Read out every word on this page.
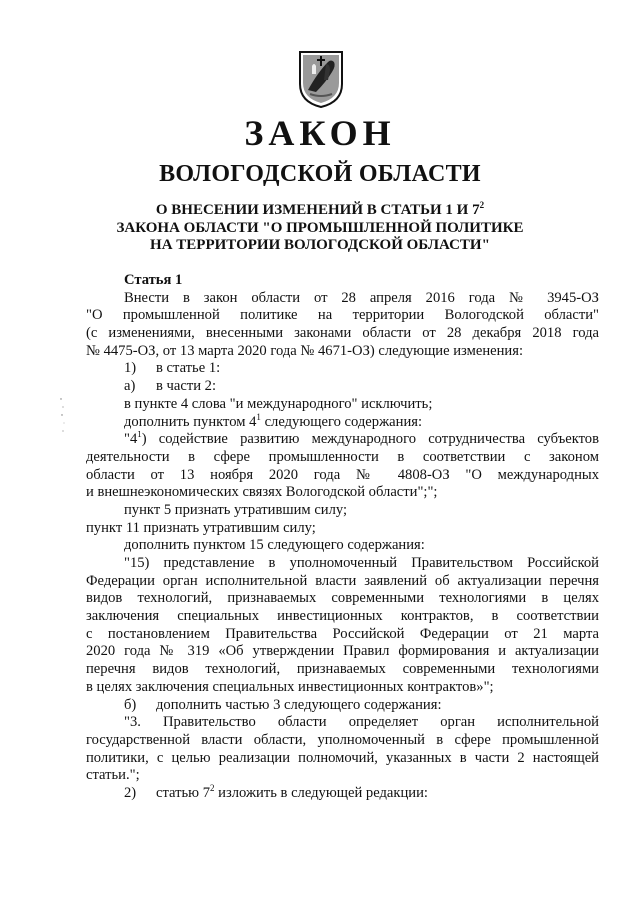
ЗАКОН
ВОЛОГОДСКОЙ ОБЛАСТИ
О ВНЕСЕНИИ ИЗМЕНЕНИЙ В СТАТЬИ 1 И $7^2$
ЗАКОНА ОБЛАСТИ "О ПРОМЫШЛЕННОЙ ПОЛИТИКЕ
НА ТЕРРИТОРИИ ВОЛОГОДСКОЙ ОБЛАСТИ"
Статья 1
Внести в закон области от 28 апреля 2016 года № 3945-ОЗ
"О промышленной политике на территории Вологодской области"
(с изменениями, внесенными законами области от 28 декабря 2018 года
№ 4475-ОЗ, от 13 марта 2020 года № 4671-ОЗ) следующие изменения:
1) в статье 1:
а) в части 2:
в пункте 4 слова "и международного" исключить;
дополнить пунктом $4^1$ следующего содержания:
"$4^1$) содействие развитию международного сотрудничества субъектов
деятельности в сфере промышленности в соответствии с законом
области от 13 ноября 2020 года № 4808-ОЗ "О международных
и внешнеэкономических связях Вологодской области";";
пункт 5 признать утратившим силу;
пункт 11 признать утратившим силу;
дополнить пунктом 15 следующего содержания:
"15) представление в уполномоченный Правительством Российской
Федерации орган исполнительной власти заявлений об актуализации перечня
видов технологий, признаваемых современными технологиями в целях
заключения специальных инвестиционных контрактов, в соответствии
с постановлением Правительства Российской Федерации от 21 марта
2020 года № 319 «Об утверждении Правил формирования и актуализации
перечня видов технологий, признаваемых современными технологиями
в целях заключения специальных инвестиционных контрактов»";
б) дополнить частью 3 следующего содержания:
"3. Правительство области определяет орган исполнительной
государственной власти области, уполномоченный в сфере промышленной
политики, с целью реализации полномочий, указанных в части 2 настоящей
статьи.";
2) статью $7^2$ изложить в следующей редакции:
